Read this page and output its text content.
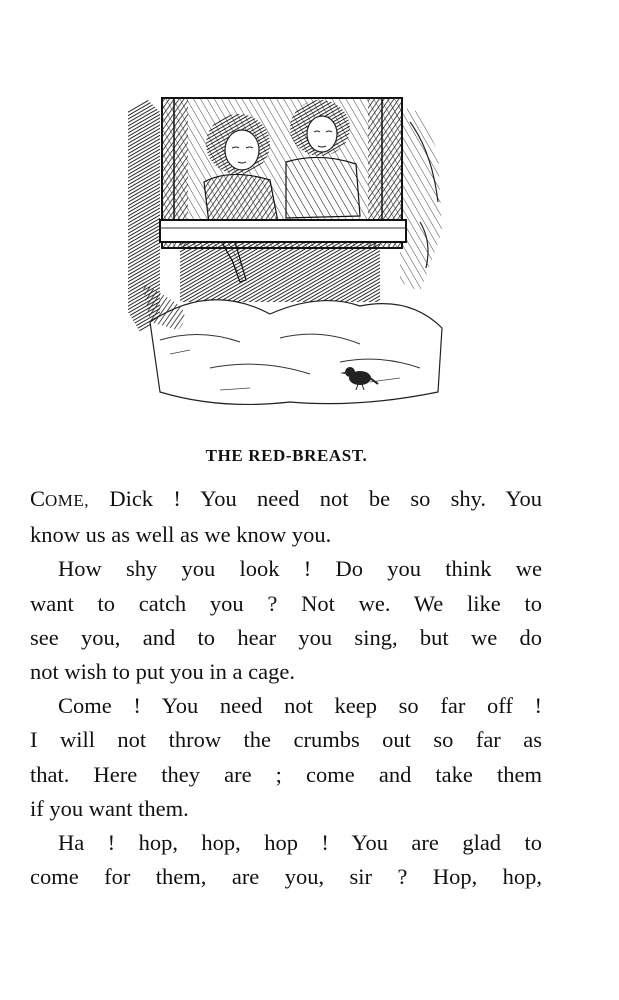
THE RED-BREAST.

COME, Dick ! You need not be so shy. You

know us as well as we know you.

How shy you look ! Do you think we

want to catch you ? Not we. We like to

see you, and to hear you sing, but we do

not wish to put you in a cage.

Come ! You need not keep so far off !

I will not throw the crumbs out so far as

that. Here they are ; come and take them

if you want them.

Ha ! hop, hop, hop ! You are glad to

come for them, are you, sir ? Hop, hop,
